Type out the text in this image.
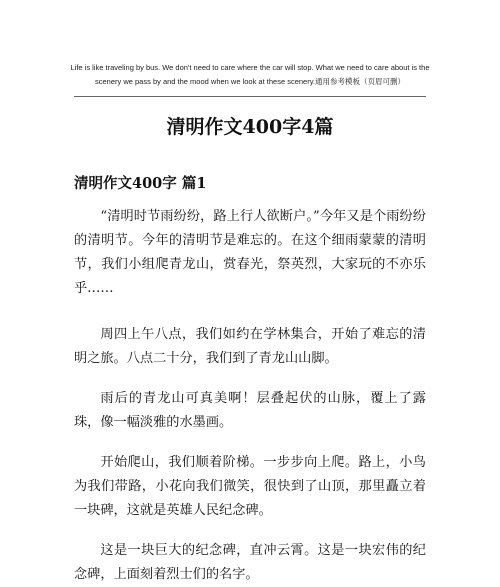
Life is like traveling by bus. We don't need to care where the car will stop. What we need to care about is the
scenery we pass by and the mood when we look at these scenery.通用参考模板（页眉可删）
清明作文400字4篇
清明作文400字 篇1

“清明时节雨纷纷，路上行人欲断户。”今年又是个雨纷纷的清明节。今年的清明节是难忘的。在这个细雨蒙蒙的清明节，我们小组爬青龙山，赏春光，祭英烈，大家玩的不亦乐乎……

周四上午八点，我们如约在学林集合，开始了难忘的清明之旅。八点二十分，我们到了青龙山山脚。

雨后的青龙山可真美啊！层叠起伏的山脉，覆上了露珠，像一幅淡雅的水墨画。

开始爬山，我们顺着阶梯。一步步向上爬。路上，小鸟为我们带路，小花向我们微笑，很快到了山顶，那里矗立着一块碑，这就是英雄人民纪念碑。

这是一块巨大的纪念碑，直冲云霄。这是一块宏伟的纪念碑，上面刻着烈士们的名字。
